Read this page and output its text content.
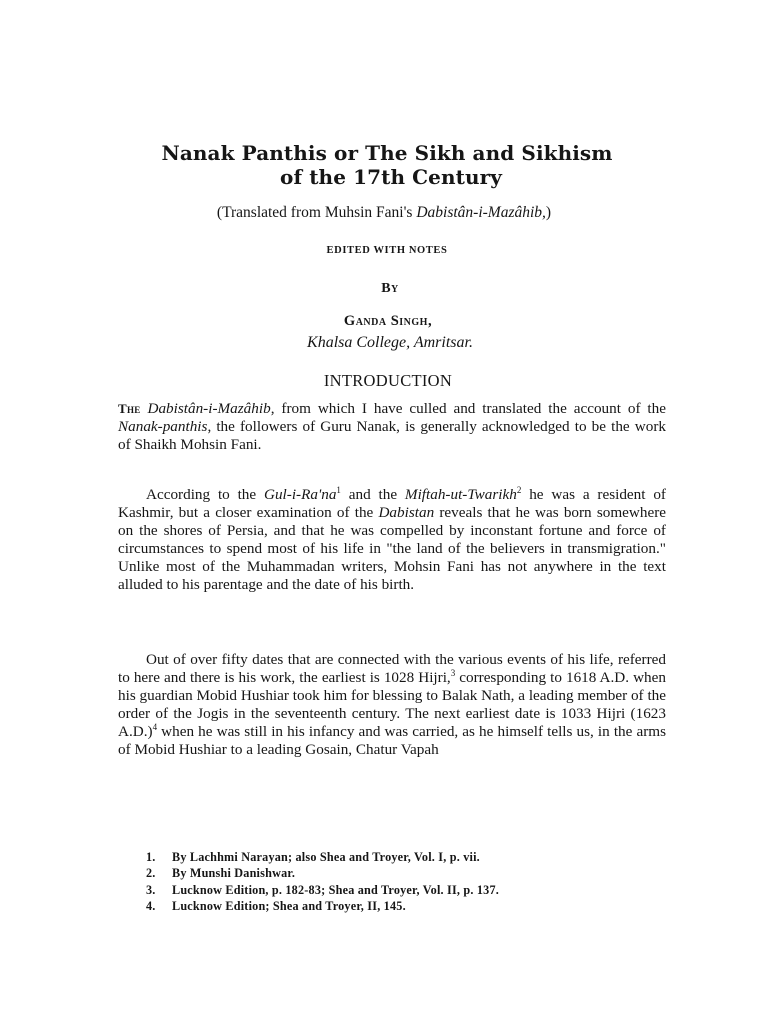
Nanak Panthis or The Sikh and Sikhism
of the 17th Century
(Translated from Muhsin Fani's Dabistân-i-Mazâhib,)
EDITED WITH NOTES
By
Ganda Singh,
Khalsa College, Amritsar.
INTRODUCTION

The Dabistân-i-Mazâhib, from which I have culled and translated the account of the Nanak-panthis, the followers of Guru Nanak, is generally acknowledged to be the work of Shaikh Mohsin Fani.

According to the Gul-$i-Ra'na^1$ and the Miftah-ut-Twarikh$^2$ he was a resident of Kashmir, but a closer examination of the Dabistan reveals that he was born somewhere on the shores of Persia, and that he was compelled by inconstant fortune and force of circumstances to spend most of his life in "the land of the believers in transmigration." Unlike most of the Muhammadan writers, Mohsin Fani has not anywhere in the text alluded to his parentage and the date of his birth.

Out of over fifty dates that are connected with the various events of his life, referred to here and there is his work, the earliest is 1028 Hijri,$^3$ corresponding to 1618 A.D. when his guardian Mobid Hushiar took him for blessing to Balak Nath, a leading member of the order of the Jogis in the seventeenth century. The next earliest date is 1033 Hijri (1623 A.D.)$^4$ when he was still in his infancy and was carried, as he himself tells us, in the arms of Mobid Hushiar to a leading Gosain, Chatur Vapah

1.	By Lachhmi Narayan; also Shea and Troyer, Vol. I, p. vii.
2.	By Munshi Danishwar.
3.	Lucknow Edition, p. 182-83; Shea and Troyer, Vol. II, p. 137.
4.	Lucknow Edition; Shea and Troyer, II, 145.
